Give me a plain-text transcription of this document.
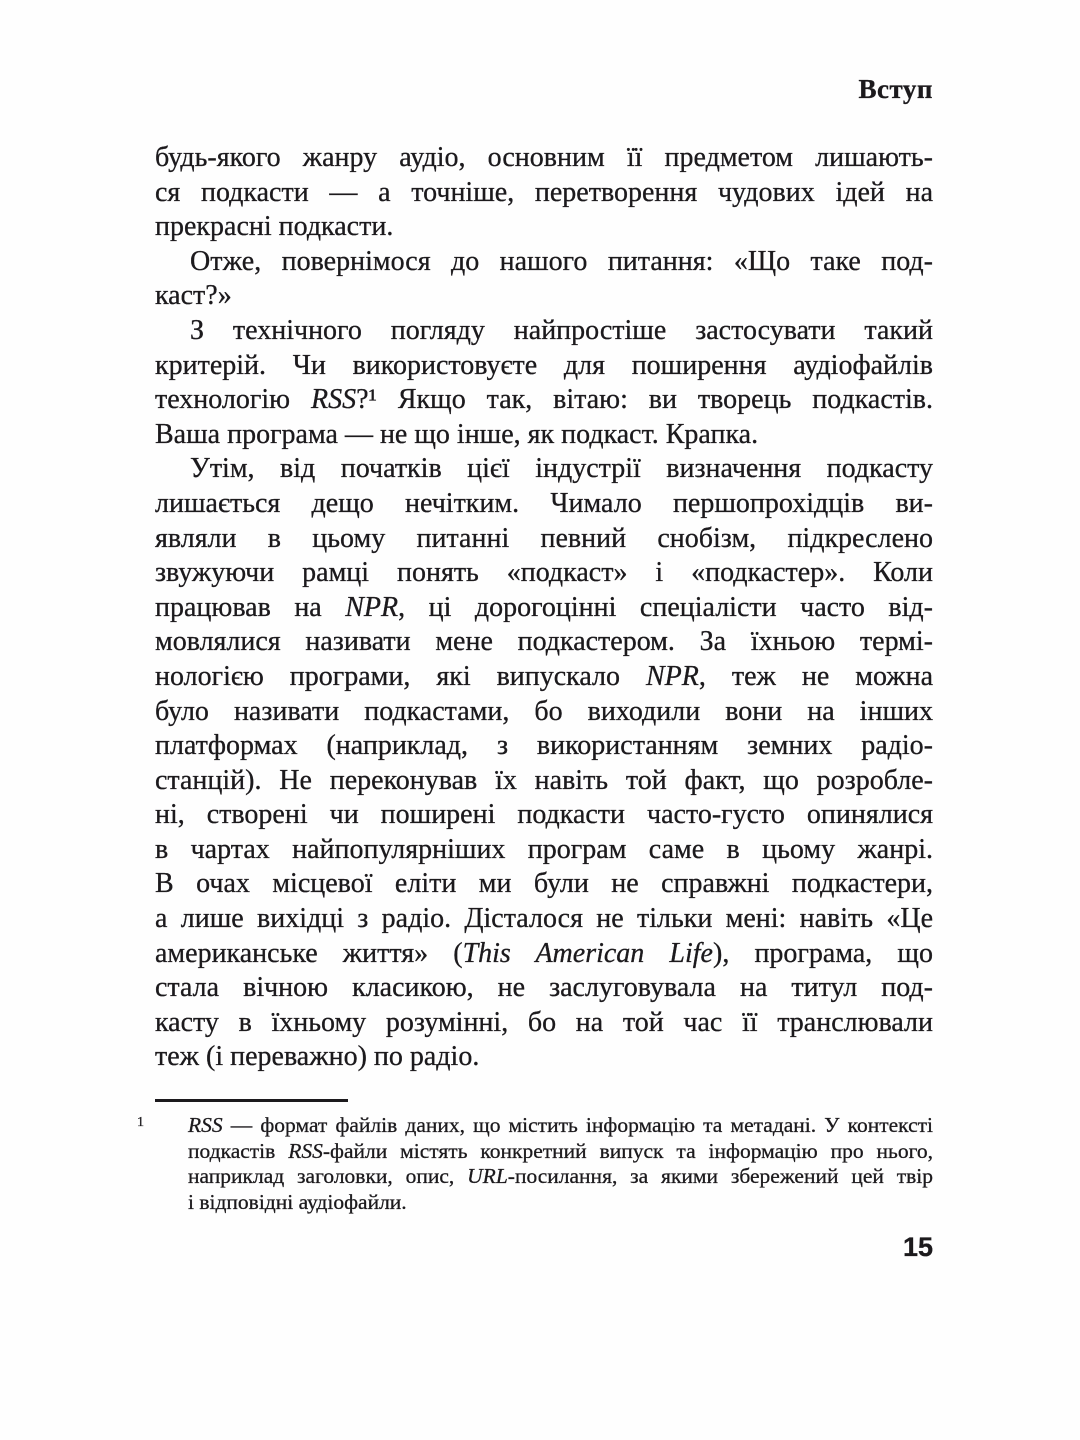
Вступ
будь-якого жанру аудіо, основним її предметом лишають-
ся подкасти — а точніше, перетворення чудових ідей на
прекрасні подкасти.
Отже, повернімося до нашого питання: «Що таке под-
каст?»
З технічного погляду найпростіше застосувати такий
критерій. Чи використовуєте для поширення аудіофайлів
технологію RSS?¹ Якщо так, вітаю: ви творець подкастів.
Ваша програма — не що інше, як подкаст. Крапка.
Утім, від початків цієї індустрії визначення подкасту
лишається дещо нечітким. Чимало першопрохідців ви-
являли в цьому питанні певний снобізм, підкреслено
звужуючи рамці понять «подкаст» і «подкастер». Коли
працював на NPR, ці дорогоцінні спеціалісти часто від-
мовлялися називати мене подкастером. За їхньою термі-
нологією програми, які випускало NPR, теж не можна
було називати подкастами, бо виходили вони на інших
платформах (наприклад, з використанням земних радіо-
станцій). Не переконував їх навіть той факт, що розробле-
ні, створені чи поширені подкасти часто-густо опинялися
в чартах найпопулярніших програм саме в цьому жанрі.
В очах місцевої еліти ми були не справжні подкастери,
а лише вихідці з радіо. Дісталося не тільки мені: навіть «Це
американське життя» (This American Life), програма, що
стала вічною класикою, не заслуговувала на титул под-
касту в їхньому розумінні, бо на той час її транслювали
теж (і переважно) по радіо.
1 RSS — формат файлів даних, що містить інформацію та метадані. У контексті
подкастів RSS-файли містять конкретний випуск та інформацію про нього,
наприклад заголовки, опис, URL-посилання, за якими збережений цей твір
і відповідні аудіофайли.
15
